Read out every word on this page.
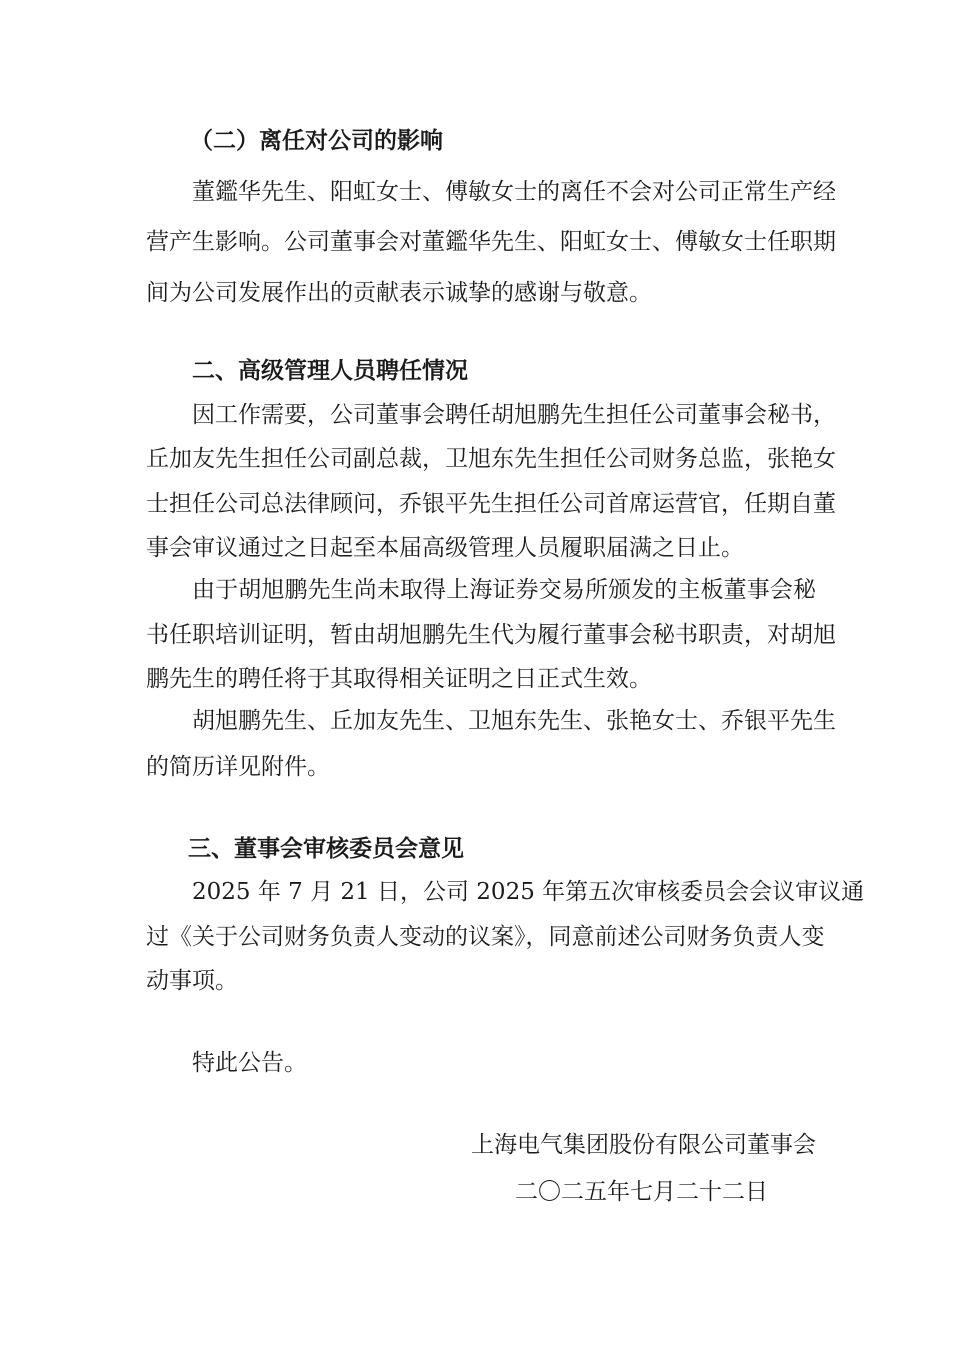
（二）离任对公司的影响
董鑑华先生、阳虹女士、傅敏女士的离任不会对公司正常生产经
营产生影响。公司董事会对董鑑华先生、阳虹女士、傅敏女士任职期
间为公司发展作出的贡献表示诚挚的感谢与敬意。
二、高级管理人员聘任情况
因工作需要，公司董事会聘任胡旭鹏先生担任公司董事会秘书，
丘加友先生担任公司副总裁，卫旭东先生担任公司财务总监，张艳女
士担任公司总法律顾问，乔银平先生担任公司首席运营官，任期自董
事会审议通过之日起至本届高级管理人员履职届满之日止。
由于胡旭鹏先生尚未取得上海证券交易所颁发的主板董事会秘
书任职培训证明，暂由胡旭鹏先生代为履行董事会秘书职责，对胡旭
鹏先生的聘任将于其取得相关证明之日正式生效。
胡旭鹏先生、丘加友先生、卫旭东先生、张艳女士、乔银平先生
的简历详见附件。
三、董事会审核委员会意见
2025 年 7 月 21 日，公司 2025 年第五次审核委员会会议审议通
过《关于公司财务负责人变动的议案》，同意前述公司财务负责人变
动事项。
特此公告。
上海电气集团股份有限公司董事会
二〇二五年七月二十二日
